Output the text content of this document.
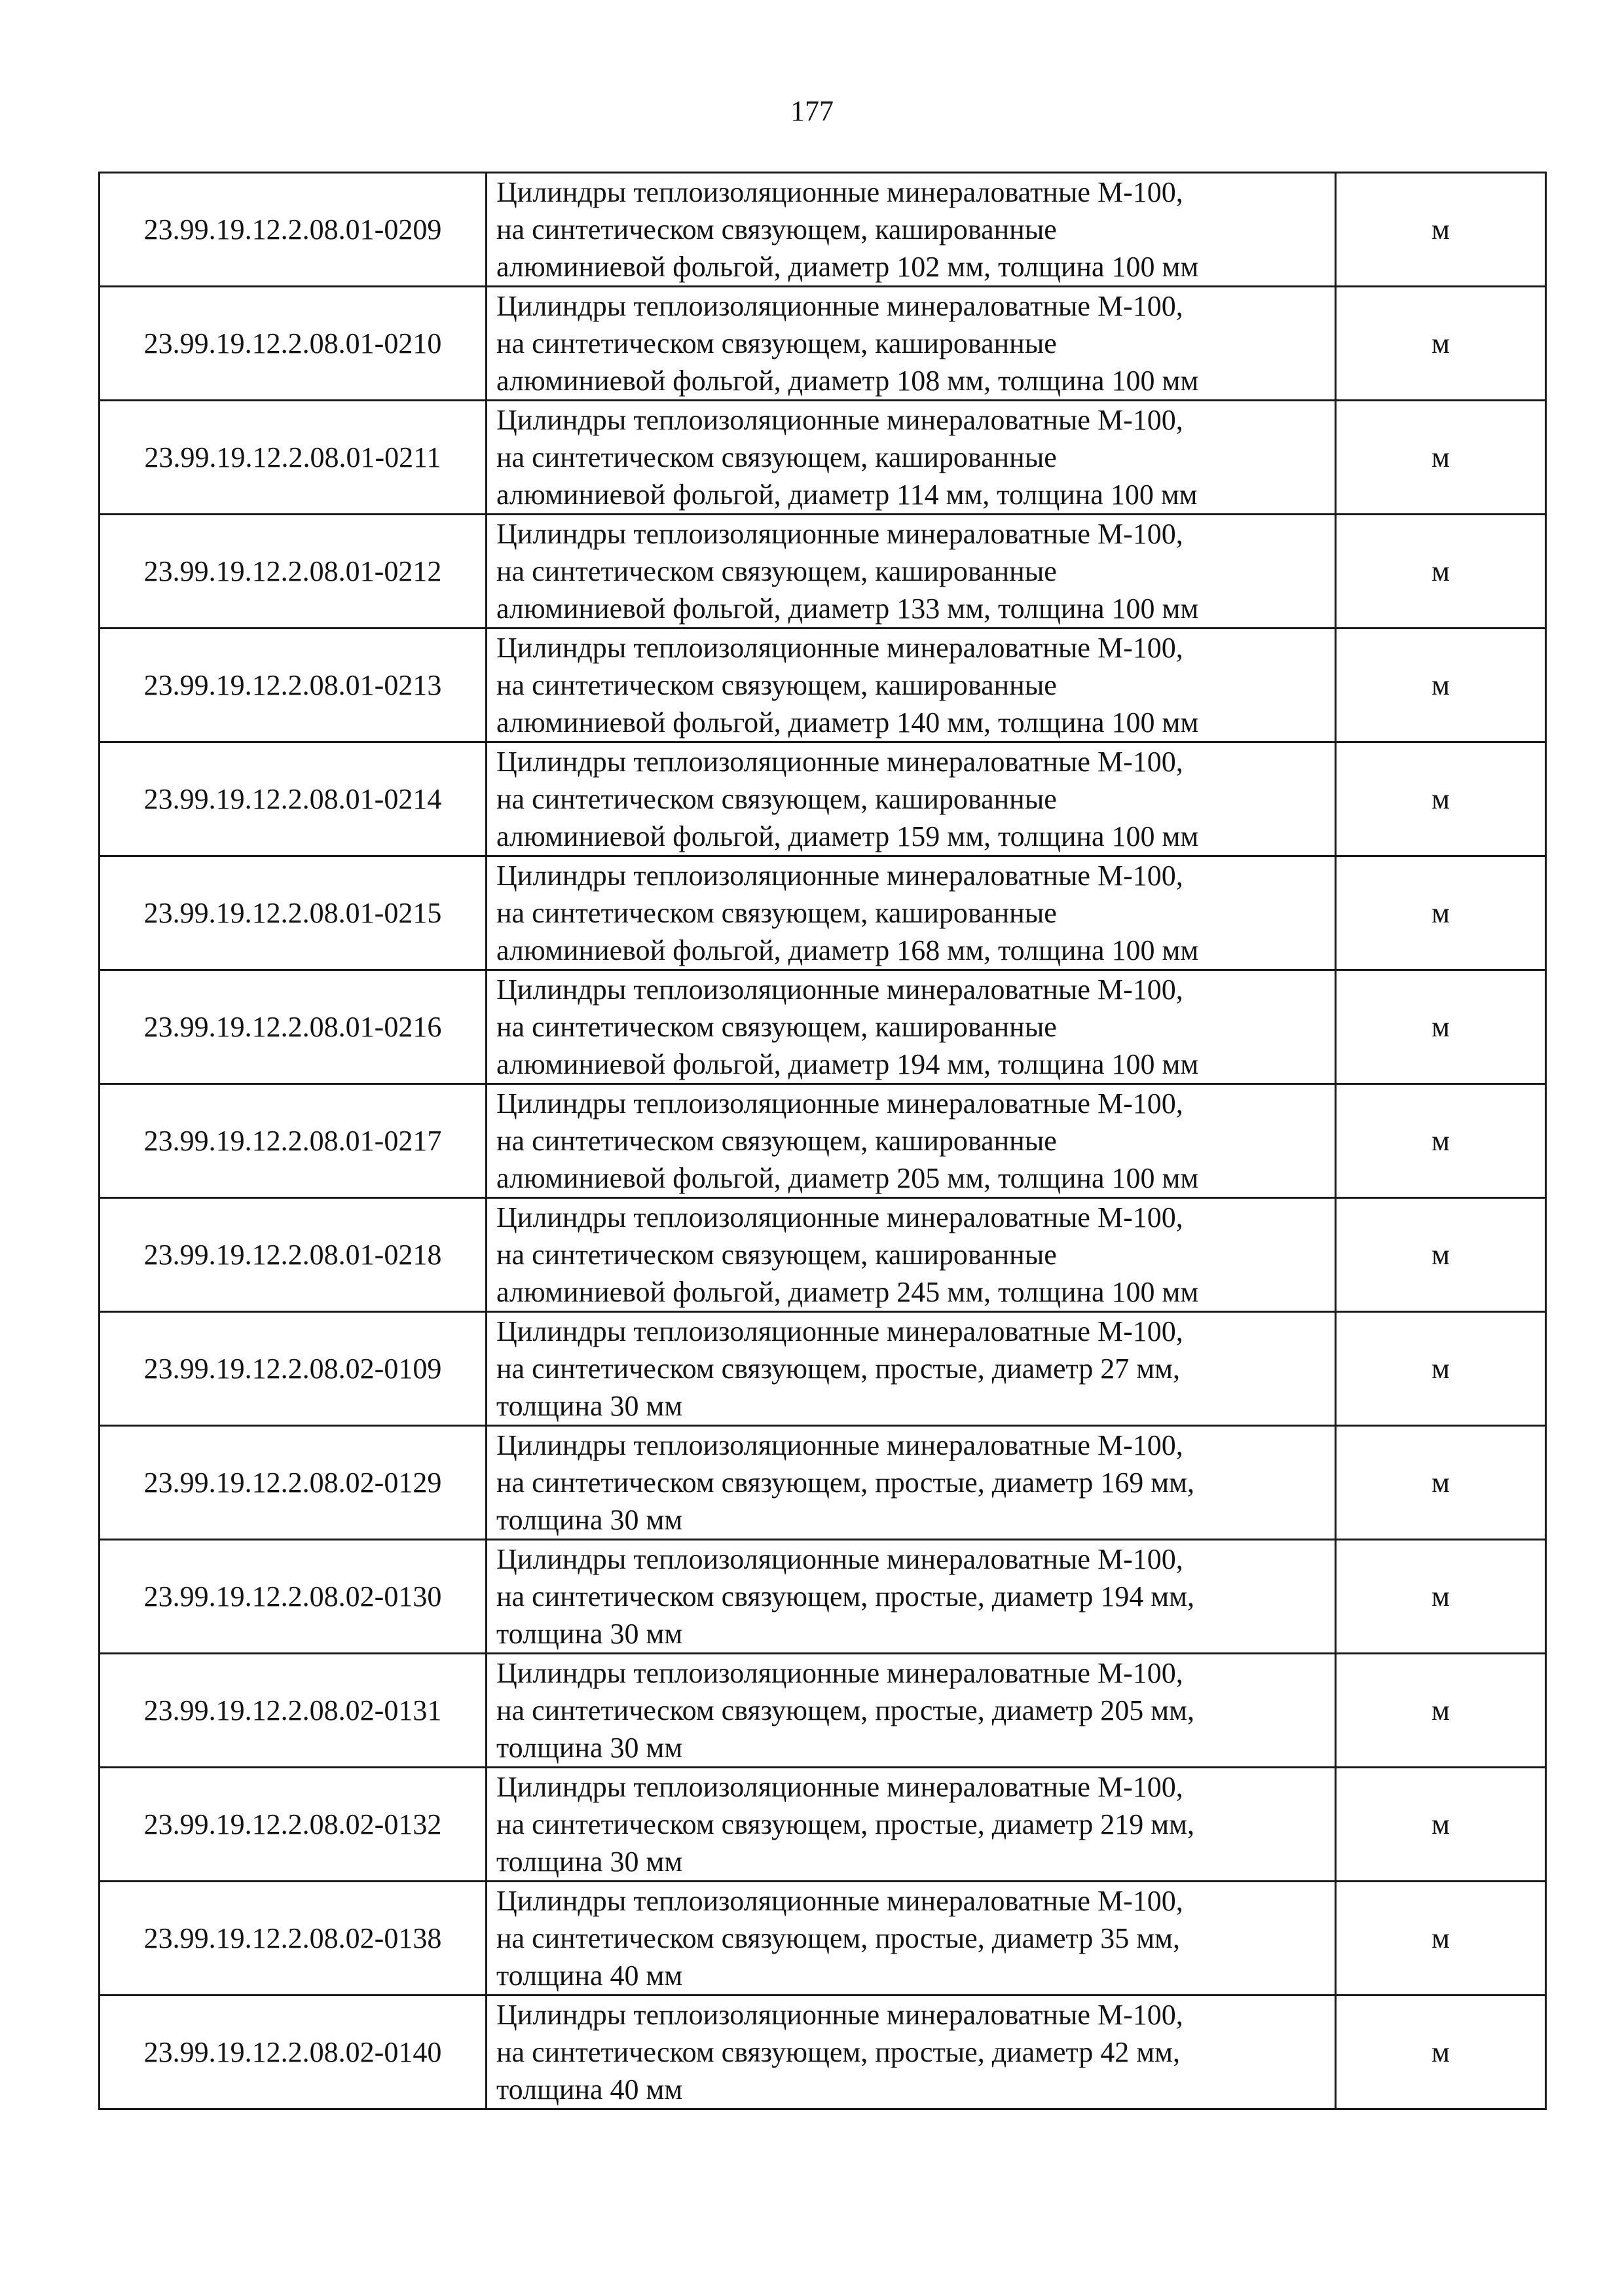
177
23.99.19.12.2.08.01-0209	Цилиндры теплоизоляционные минераловатные М-100,
на синтетическом связующем, кашированные
алюминиевой фольгой, диаметр 102 мм, толщина 100 мм	м
23.99.19.12.2.08.01-0210	Цилиндры теплоизоляционные минераловатные М-100,
на синтетическом связующем, кашированные
алюминиевой фольгой, диаметр 108 мм, толщина 100 мм	м
23.99.19.12.2.08.01-0211	Цилиндры теплоизоляционные минераловатные М-100,
на синтетическом связующем, кашированные
алюминиевой фольгой, диаметр 114 мм, толщина 100 мм	м
23.99.19.12.2.08.01-0212	Цилиндры теплоизоляционные минераловатные М-100,
на синтетическом связующем, кашированные
алюминиевой фольгой, диаметр 133 мм, толщина 100 мм	м
23.99.19.12.2.08.01-0213	Цилиндры теплоизоляционные минераловатные М-100,
на синтетическом связующем, кашированные
алюминиевой фольгой, диаметр 140 мм, толщина 100 мм	м
23.99.19.12.2.08.01-0214	Цилиндры теплоизоляционные минераловатные М-100,
на синтетическом связующем, кашированные
алюминиевой фольгой, диаметр 159 мм, толщина 100 мм	м
23.99.19.12.2.08.01-0215	Цилиндры теплоизоляционные минераловатные М-100,
на синтетическом связующем, кашированные
алюминиевой фольгой, диаметр 168 мм, толщина 100 мм	м
23.99.19.12.2.08.01-0216	Цилиндры теплоизоляционные минераловатные М-100,
на синтетическом связующем, кашированные
алюминиевой фольгой, диаметр 194 мм, толщина 100 мм	м
23.99.19.12.2.08.01-0217	Цилиндры теплоизоляционные минераловатные М-100,
на синтетическом связующем, кашированные
алюминиевой фольгой, диаметр 205 мм, толщина 100 мм	м
23.99.19.12.2.08.01-0218	Цилиндры теплоизоляционные минераловатные М-100,
на синтетическом связующем, кашированные
алюминиевой фольгой, диаметр 245 мм, толщина 100 мм	м
23.99.19.12.2.08.02-0109	Цилиндры теплоизоляционные минераловатные М-100,
на синтетическом связующем, простые, диаметр 27 мм,
толщина 30 мм	м
23.99.19.12.2.08.02-0129	Цилиндры теплоизоляционные минераловатные М-100,
на синтетическом связующем, простые, диаметр 169 мм,
толщина 30 мм	м
23.99.19.12.2.08.02-0130	Цилиндры теплоизоляционные минераловатные М-100,
на синтетическом связующем, простые, диаметр 194 мм,
толщина 30 мм	м
23.99.19.12.2.08.02-0131	Цилиндры теплоизоляционные минераловатные М-100,
на синтетическом связующем, простые, диаметр 205 мм,
толщина 30 мм	м
23.99.19.12.2.08.02-0132	Цилиндры теплоизоляционные минераловатные М-100,
на синтетическом связующем, простые, диаметр 219 мм,
толщина 30 мм	м
23.99.19.12.2.08.02-0138	Цилиндры теплоизоляционные минераловатные М-100,
на синтетическом связующем, простые, диаметр 35 мм,
толщина 40 мм	м
23.99.19.12.2.08.02-0140	Цилиндры теплоизоляционные минераловатные М-100,
на синтетическом связующем, простые, диаметр 42 мм,
толщина 40 мм	м
